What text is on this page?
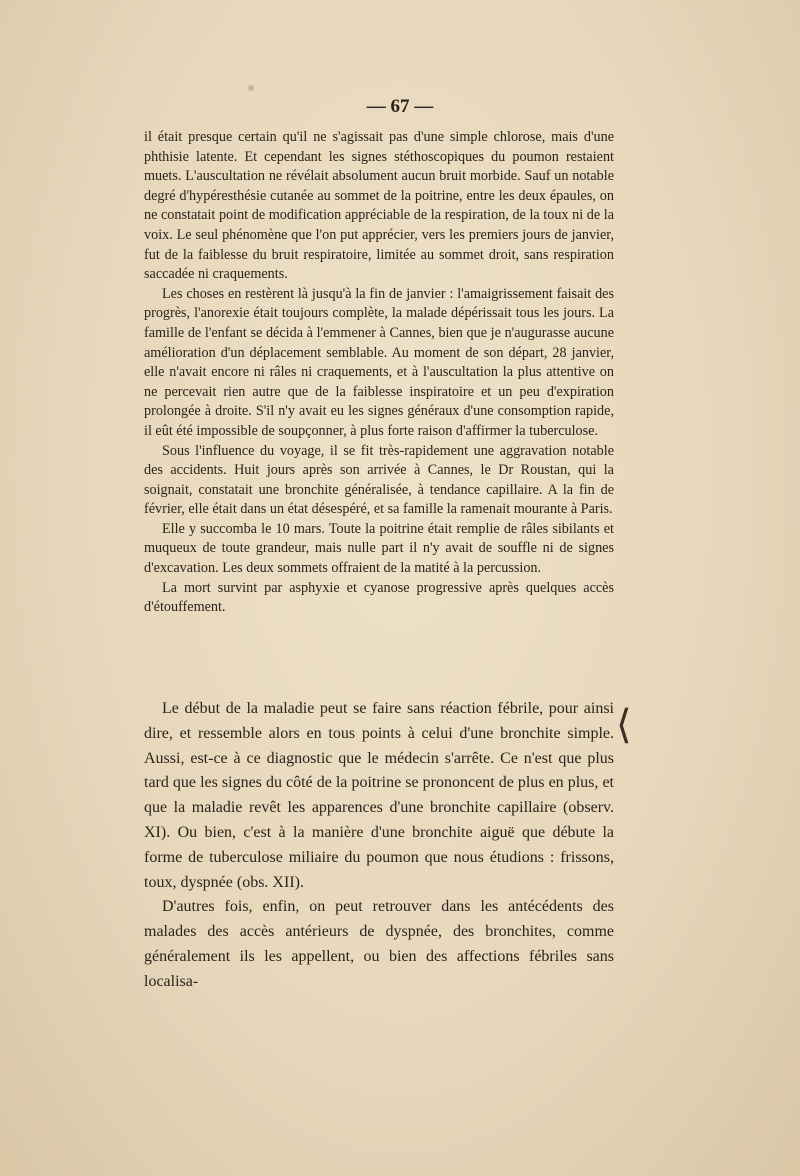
— 67 —

il était presque certain qu'il ne s'agissait pas d'une simple chlorose, mais d'une phthisie latente. Et cependant les signes stéthoscopiques du poumon restaient muets. L'auscultation ne révélait absolument aucun bruit morbide. Sauf un notable degré d'hypéresthésie cutanée au sommet de la poitrine, entre les deux épaules, on ne constatait point de modification appréciable de la respiration, de la toux ni de la voix. Le seul phénomène que l'on put apprécier, vers les premiers jours de janvier, fut de la faiblesse du bruit respiratoire, limitée au sommet droit, sans respiration saccadée ni craquements.

Les choses en restèrent là jusqu'à la fin de janvier : l'amaigrissement faisait des progrès, l'anorexie était toujours complète, la malade dépérissait tous les jours. La famille de l'enfant se décida à l'emmener à Cannes, bien que je n'augurasse aucune amélioration d'un déplacement semblable. Au moment de son départ, 28 janvier, elle n'avait encore ni râles ni craquements, et à l'auscultation la plus attentive on ne percevait rien autre que de la faiblesse inspiratoire et un peu d'expiration prolongée à droite. S'il n'y avait eu les signes généraux d'une consomption rapide, il eût été impossible de soupçonner, à plus forte raison d'affirmer la tuberculose.

Sous l'influence du voyage, il se fit très-rapidement une aggravation notable des accidents. Huit jours après son arrivée à Cannes, le Dr Roustan, qui la soignait, constatait une bronchite généralisée, à tendance capillaire. A la fin de février, elle était dans un état désespéré, et sa famille la ramenait mourante à Paris.

Elle y succomba le 10 mars. Toute la poitrine était remplie de râles sibilants et muqueux de toute grandeur, mais nulle part il n'y avait de souffle ni de signes d'excavation. Les deux sommets offraient de la matité à la percussion.

La mort survint par asphyxie et cyanose progressive après quelques accès d'étouffement.

Le début de la maladie peut se faire sans réaction fébrile, pour ainsi dire, et ressemble alors en tous points à celui d'une bronchite simple. Aussi, est-ce à ce diagnostic que le médecin s'arrête. Ce n'est que plus tard que les signes du côté de la poitrine se prononcent de plus en plus, et que la maladie revêt les apparences d'une bronchite capillaire (observ. XI). Ou bien, c'est à la manière d'une bronchite aiguë que débute la forme de tuberculose miliaire du poumon que nous étudions : frissons, toux, dyspnée (obs. XII).

D'autres fois, enfin, on peut retrouver dans les antécédents des malades des accès antérieurs de dyspnée, des bronchites, comme généralement ils les appellent, ou bien des affections fébriles sans localisa-

⟨
